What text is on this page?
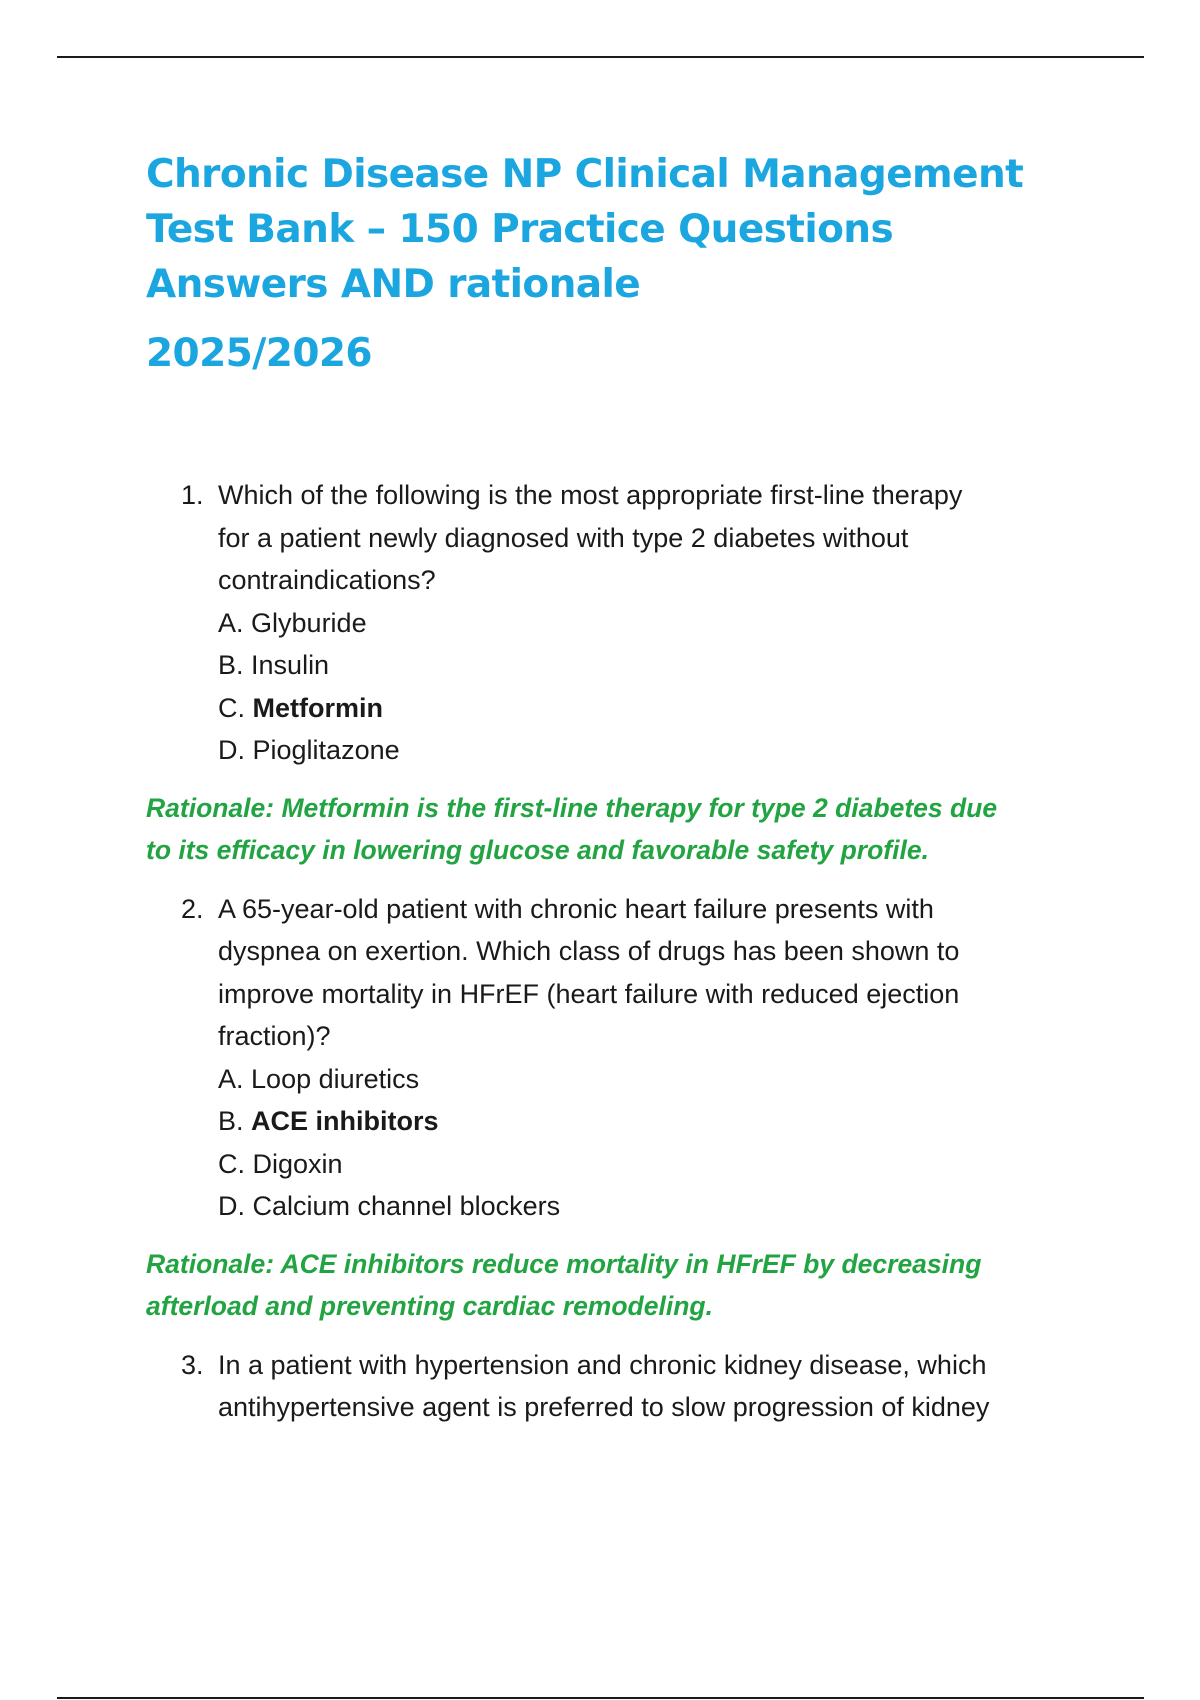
Chronic Disease NP Clinical Management
Test Bank – 150 Practice Questions
Answers AND rationale
2025/2026
1. Which of the following is the most appropriate first-line therapy
for a patient newly diagnosed with type 2 diabetes without
contraindications?
A. Glyburide
B. Insulin
C. Metformin
D. Pioglitazone
Rationale: Metformin is the first-line therapy for type 2 diabetes due
to its efficacy in lowering glucose and favorable safety profile.
2. A 65-year-old patient with chronic heart failure presents with
dyspnea on exertion. Which class of drugs has been shown to
improve mortality in HFrEF (heart failure with reduced ejection
fraction)?
A. Loop diuretics
B. ACE inhibitors
C. Digoxin
D. Calcium channel blockers
Rationale: ACE inhibitors reduce mortality in HFrEF by decreasing
afterload and preventing cardiac remodeling.
3. In a patient with hypertension and chronic kidney disease, which
antihypertensive agent is preferred to slow progression of kidney
